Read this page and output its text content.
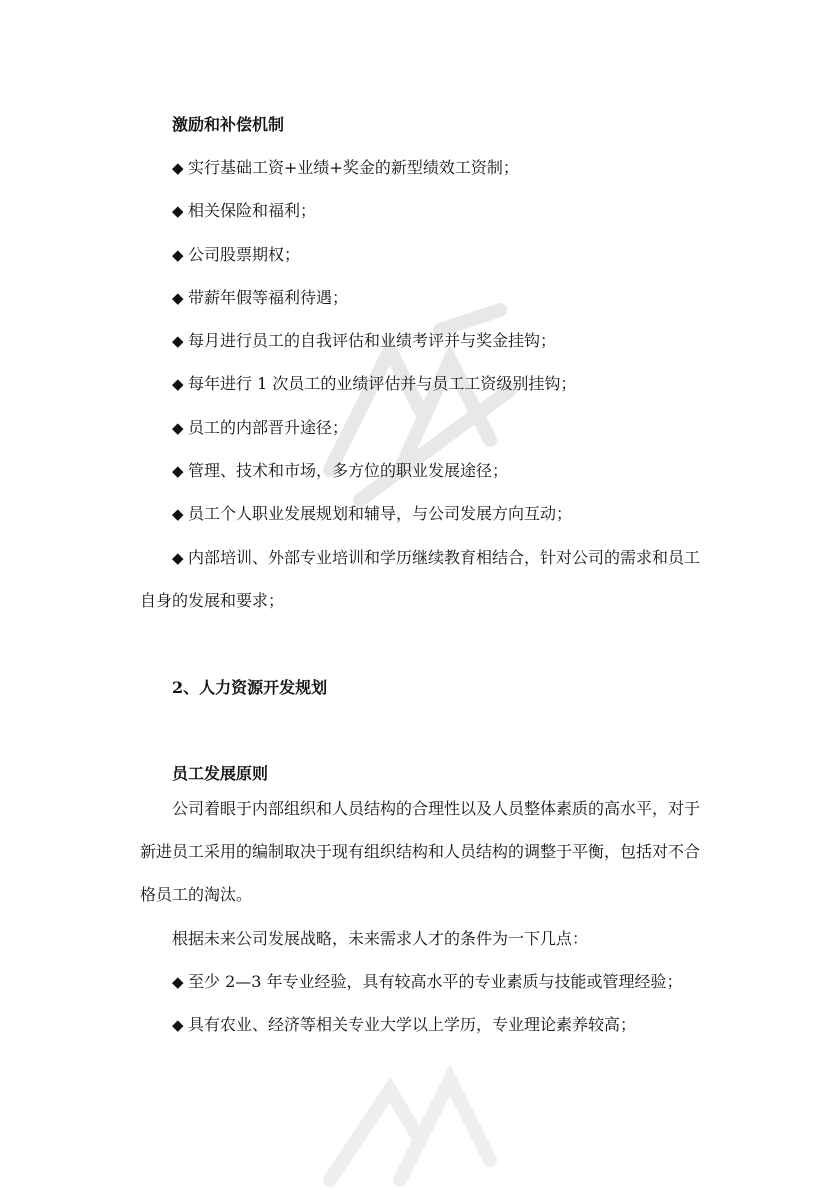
激励和补偿机制
◆ 实行基础工资+业绩+奖金的新型绩效工资制；
◆ 相关保险和福利；
◆ 公司股票期权；
◆ 带薪年假等福利待遇；
◆ 每月进行员工的自我评估和业绩考评并与奖金挂钩；
◆ 每年进行 1 次员工的业绩评估并与员工工资级别挂钩；
◆ 员工的内部晋升途径；
◆ 管理、技术和市场，多方位的职业发展途径；
◆ 员工个人职业发展规划和辅导，与公司发展方向互动；
◆ 内部培训、外部专业培训和学历继续教育相结合，针对公司的需求和员工
自身的发展和要求；
2、人力资源开发规划
员工发展原则
公司着眼于内部组织和人员结构的合理性以及人员整体素质的高水平，对于
新进员工采用的编制取决于现有组织结构和人员结构的调整于平衡，包括对不合
格员工的淘汰。
根据未来公司发展战略，未来需求人才的条件为一下几点：
◆ 至少 2—3 年专业经验，具有较高水平的专业素质与技能或管理经验；
◆ 具有农业、经济等相关专业大学以上学历，专业理论素养较高；
